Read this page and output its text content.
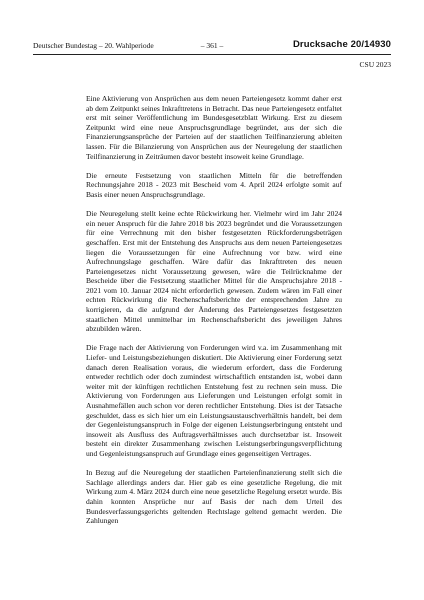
Deutscher Bundestag – 20. Wahlperiode	– 361 –	Drucksache 20/14930
CSU 2023

Eine Aktivierung von Ansprüchen aus dem neuen Parteiengesetz kommt daher erst ab dem Zeitpunkt seines Inkrafttretens in Betracht. Das neue Parteiengesetz entfaltet erst mit seiner Veröffentlichung im Bundesgesetzblatt Wirkung. Erst zu diesem Zeitpunkt wird eine neue Anspruchsgrundlage begründet, aus der sich die Finanzierungsansprüche der Parteien auf der staatlichen Teilfinanzierung ableiten lassen. Für die Bilanzierung von Ansprüchen aus der Neuregelung der staatlichen Teilfinanzierung in Zeiträumen davor besteht insoweit keine Grundlage.

Die erneute Festsetzung von staatlichen Mitteln für die betreffenden Rechnungsjahre 2018 - 2023 mit Bescheid vom 4. April 2024 erfolgte somit auf Basis einer neuen Anspruchsgrundlage.

Die Neuregelung stellt keine echte Rückwirkung her. Vielmehr wird im Jahr 2024 ein neuer Anspruch für die Jahre 2018 bis 2023 begründet und die Voraussetzungen für eine Verrechnung mit den bisher festgesetzten Rückforderungsbeträgen geschaffen. Erst mit der Entstehung des Anspruchs aus dem neuen Parteiengesetzes liegen die Voraussetzungen für eine Aufrechnung vor bzw. wird eine Aufrechnungslage geschaffen. Wäre dafür das Inkrafttreten des neuen Parteiengesetzes nicht Voraussetzung gewesen, wäre die Teilrücknahme der Bescheide über die Festsetzung staatlicher Mittel für die Anspruchsjahre 2018 - 2021 vom 10. Januar 2024 nicht erforderlich gewesen. Zudem wären im Fall einer echten Rückwirkung die Rechenschaftsberichte der entsprechenden Jahre zu korrigieren, da die aufgrund der Änderung des Parteiengesetzes festgesetzten staatlichen Mittel unmittelbar im Rechenschaftsbericht des jeweiligen Jahres abzubilden wären.

Die Frage nach der Aktivierung von Forderungen wird v.a. im Zusammenhang mit Liefer- und Leistungsbeziehungen diskutiert. Die Aktivierung einer Forderung setzt danach deren Realisation voraus, die wiederum erfordert, dass die Forderung entweder rechtlich oder doch zumindest wirtschaftlich entstanden ist, wobei dann weiter mit der künftigen rechtlichen Entstehung fest zu rechnen sein muss. Die Aktivierung von Forderungen aus Lieferungen und Leistungen erfolgt somit in Ausnahmefällen auch schon vor deren rechtlicher Entstehung. Dies ist der Tatsache geschuldet, dass es sich hier um ein Leistungsaustauschverhältnis handelt, bei dem der Gegenleistungsanspruch in Folge der eigenen Leistungserbringung entsteht und insoweit als Ausfluss des Auftragsverhältnisses auch durchsetzbar ist. Insoweit besteht ein direkter Zusammenhang zwischen Leistungserbringungsverpflichtung und Gegenleistungsanspruch auf Grundlage eines gegenseitigen Vertrages.

In Bezug auf die Neuregelung der staatlichen Parteienfinanzierung stellt sich die Sachlage allerdings anders dar. Hier gab es eine gesetzliche Regelung, die mit Wirkung zum 4. März 2024 durch eine neue gesetzliche Regelung ersetzt wurde. Bis dahin konnten Ansprüche nur auf Basis der nach dem Urteil des Bundesverfassungsgerichts geltenden Rechtslage geltend gemacht werden. Die Zahlungen
